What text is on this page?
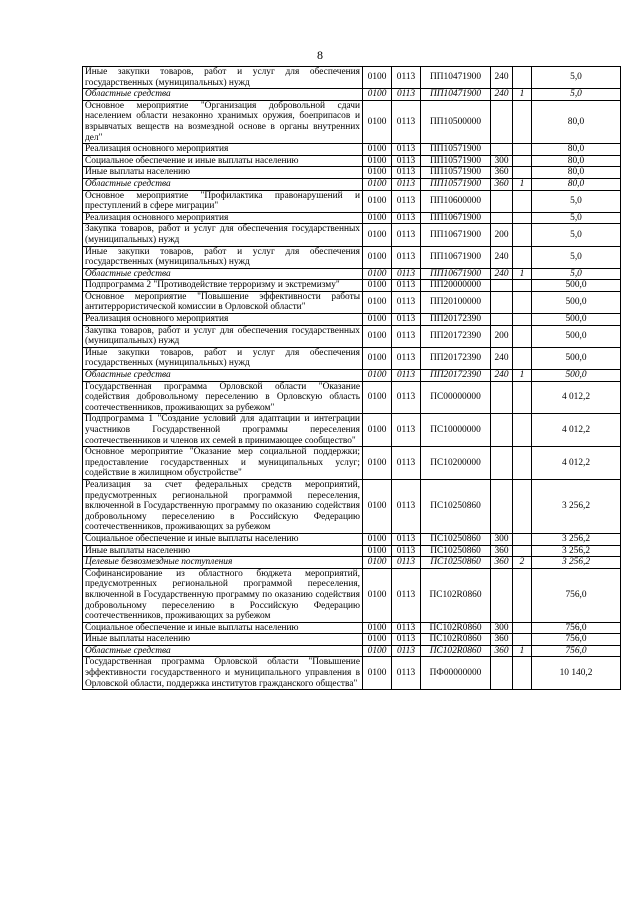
8
Иные закупки товаров, работ и услуг для обеспечения государственных (муниципальных) нужд	0100	0113	ПП10471900	240		5,0
Областные средства	0100	0113	ПП10471900	240	1	5,0
Основное мероприятие "Организация добровольной сдачи населением области незаконно хранимых оружия, боеприпасов и взрывчатых веществ на возмездной основе в органы внутренних дел"	0100	0113	ПП10500000			80,0
Реализация основного мероприятия	0100	0113	ПП10571900			80,0
Социальное обеспечение и иные выплаты населению	0100	0113	ПП10571900	300		80,0
Иные выплаты населению	0100	0113	ПП10571900	360		80,0
Областные средства	0100	0113	ПП10571900	360	1	80,0
Основное мероприятие "Профилактика правонарушений и преступлений в сфере миграции"	0100	0113	ПП10600000			5,0
Реализация основного мероприятия	0100	0113	ПП10671900			5,0
Закупка товаров, работ и услуг для обеспечения государственных (муниципальных) нужд	0100	0113	ПП10671900	200		5,0
Иные закупки товаров, работ и услуг для обеспечения государственных (муниципальных) нужд	0100	0113	ПП10671900	240		5,0
Областные средства	0100	0113	ПП10671900	240	1	5,0
Подпрограмма 2 "Противодействие терроризму и экстремизму"	0100	0113	ПП20000000			500,0
Основное мероприятие "Повышение эффективности работы антитеррористической комиссии в Орловской области"	0100	0113	ПП20100000			500,0
Реализация основного мероприятия	0100	0113	ПП20172390			500,0
Закупка товаров, работ и услуг для обеспечения государственных (муниципальных) нужд	0100	0113	ПП20172390	200		500,0
Иные закупки товаров, работ и услуг для обеспечения государственных (муниципальных) нужд	0100	0113	ПП20172390	240		500,0
Областные средства	0100	0113	ПП20172390	240	1	500,0
Государственная программа Орловской области "Оказание содействия добровольному переселению в Орловскую область соотечественников, проживающих за рубежом"	0100	0113	ПС00000000			4 012,2
Подпрограмма 1 "Создание условий для адаптации и интеграции участников Государственной программы переселения соотечественников и членов их семей в принимающее сообщество"	0100	0113	ПС10000000			4 012,2
Основное мероприятие "Оказание мер социальной поддержки; предоставление государственных и муниципальных услуг; содействие в жилищном обустройстве"	0100	0113	ПС10200000			4 012,2
Реализация за счет федеральных средств мероприятий, предусмотренных региональной программой переселения, включенной в Государственную программу по оказанию содействия добровольному переселению в Российскую Федерацию соотечественников, проживающих за рубежом	0100	0113	ПС10250860			3 256,2
Социальное обеспечение и иные выплаты населению	0100	0113	ПС10250860	300		3 256,2
Иные выплаты населению	0100	0113	ПС10250860	360		3 256,2
Целевые безвозмездные поступления	0100	0113	ПС10250860	360	2	3 256,2
Софинансирование из областного бюджета мероприятий, предусмотренных региональной программой переселения, включенной в Государственную программу по оказанию содействия добровольному переселению в Российскую Федерацию соотечественников, проживающих за рубежом	0100	0113	ПС102R0860			756,0
Социальное обеспечение и иные выплаты населению	0100	0113	ПС102R0860	300		756,0
Иные выплаты населению	0100	0113	ПС102R0860	360		756,0
Областные средства	0100	0113	ПС102R0860	360	1	756,0
Государственная программа Орловской области "Повышение эффективности государственного и муниципального управления в Орловской области, поддержка институтов гражданского общества"	0100	0113	ПФ00000000			10 140,2
